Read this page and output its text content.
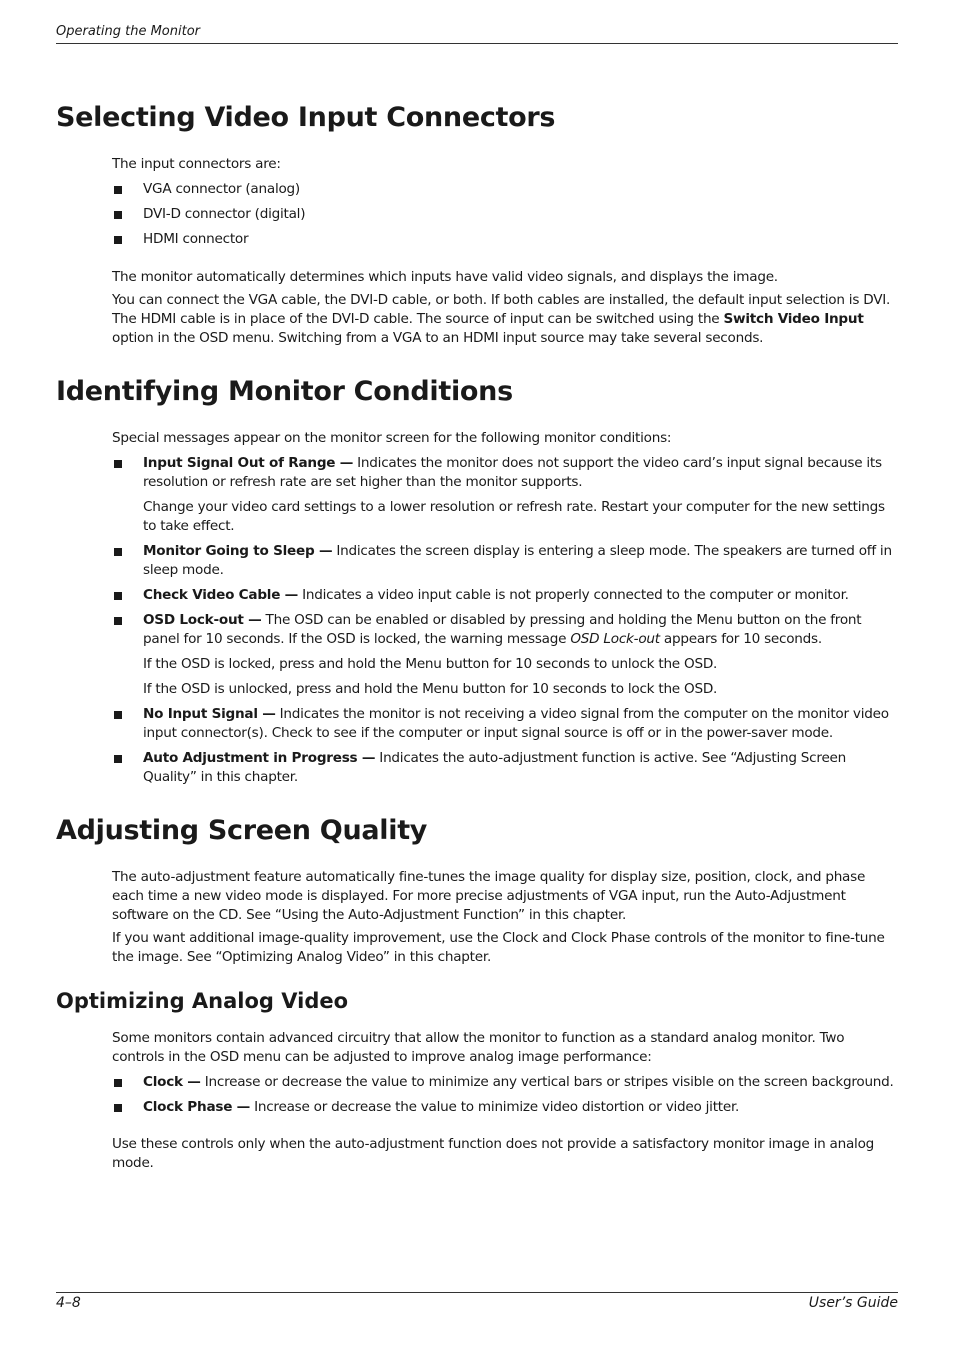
Operating the Monitor
Selecting Video Input Connectors

The input connectors are:

VGA connector (analog)
DVI-D connector (digital)
HDMI connector

The monitor automatically determines which inputs have valid video signals, and displays the image.

You can connect the VGA cable, the DVI-D cable, or both. If both cables are installed, the default input selection is DVI. The HDMI cable is in place of the DVI-D cable. The source of input can be switched using the Switch Video Input option in the OSD menu. Switching from a VGA to an HDMI input source may take several seconds.

Identifying Monitor Conditions

Special messages appear on the monitor screen for the following monitor conditions:

Input Signal Out of Range — Indicates the monitor does not support the video card’s input signal because its resolution or refresh rate are set higher than the monitor supports.

Change your video card settings to a lower resolution or refresh rate. Restart your computer for the new settings to take effect.

Monitor Going to Sleep — Indicates the screen display is entering a sleep mode. The speakers are turned off in sleep mode.
Check Video Cable — Indicates a video input cable is not properly connected to the computer or monitor.
OSD Lock-out — The OSD can be enabled or disabled by pressing and holding the Menu button on the front panel for 10 seconds. If the OSD is locked, the warning message OSD Lock-out appears for 10 seconds.

If the OSD is locked, press and hold the Menu button for 10 seconds to unlock the OSD.

If the OSD is unlocked, press and hold the Menu button for 10 seconds to lock the OSD.

No Input Signal — Indicates the monitor is not receiving a video signal from the computer on the monitor video input connector(s). Check to see if the computer or input signal source is off or in the power-saver mode.
Auto Adjustment in Progress — Indicates the auto-adjustment function is active. See “Adjusting Screen Quality” in this chapter.
Adjusting Screen Quality

The auto-adjustment feature automatically fine-tunes the image quality for display size, position, clock, and phase each time a new video mode is displayed. For more precise adjustments of VGA input, run the Auto-Adjustment software on the CD. See “Using the Auto-Adjustment Function” in this chapter.

If you want additional image-quality improvement, use the Clock and Clock Phase controls of the monitor to fine-tune the image. See “Optimizing Analog Video” in this chapter.

Optimizing Analog Video

Some monitors contain advanced circuitry that allow the monitor to function as a standard analog monitor. Two controls in the OSD menu can be adjusted to improve analog image performance:

Clock — Increase or decrease the value to minimize any vertical bars or stripes visible on the screen background.
Clock Phase — Increase or decrease the value to minimize video distortion or video jitter.

Use these controls only when the auto-adjustment function does not provide a satisfactory monitor image in analog mode.

4–8	User’s Guide
